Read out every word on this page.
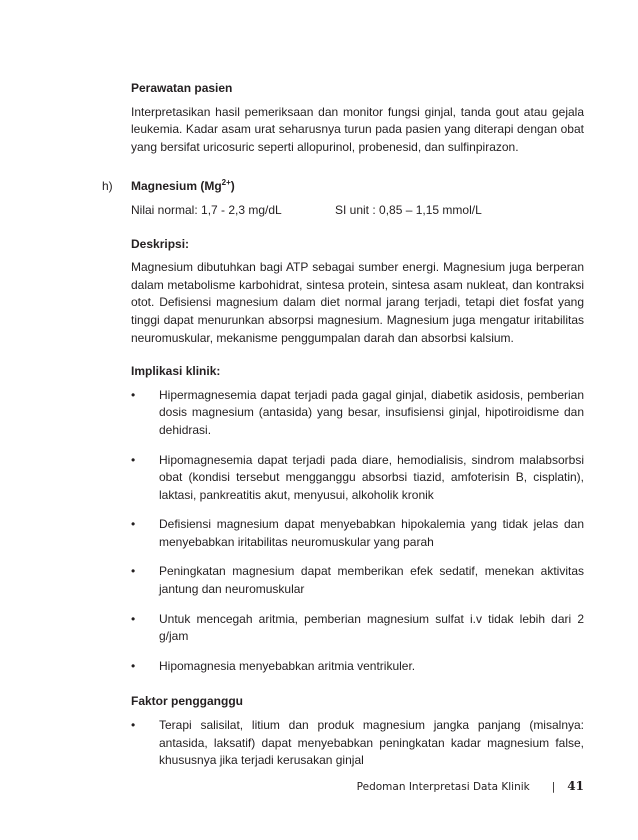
Perawatan pasien

Interpretasikan hasil pemeriksaan dan monitor fungsi ginjal, tanda gout atau gejala leukemia. Kadar asam urat seharusnya turun pada pasien yang diterapi dengan obat yang bersifat uricosuric seperti allopurinol, probenesid, dan sulfinpirazon.

h) Magnesium $(Mg^{2+})$

Nilai normal: 1,7 - 2,3 mg/dL	SI unit : 0,85 – 1,15 mmol/L

Deskripsi:

Magnesium dibutuhkan bagi ATP sebagai sumber energi. Magnesium juga berperan dalam metabolisme karbohidrat, sintesa protein, sintesa asam nukleat, dan kontraksi otot. Defisiensi magnesium dalam diet normal jarang terjadi, tetapi diet fosfat yang tinggi dapat menurunkan absorpsi magnesium. Magnesium juga mengatur iritabilitas neuromuskular, mekanisme penggumpalan darah dan absorbsi kalsium.

Implikasi klinik:

• Hipermagnesemia dapat terjadi pada gagal ginjal, diabetik asidosis, pemberian dosis magnesium (antasida) yang besar, insufisiensi ginjal, hipotiroidisme dan dehidrasi.
• Hipomagnesemia dapat terjadi pada diare, hemodialisis, sindrom malabsorbsi obat (kondisi tersebut mengganggu absorbsi tiazid, amfoterisin B, cisplatin), laktasi, pankreatitis akut, menyusui, alkoholik kronik
• Defisiensi magnesium dapat menyebabkan hipokalemia yang tidak jelas dan menyebabkan iritabilitas neuromuskular yang parah
• Peningkatan magnesium dapat memberikan efek sedatif, menekan aktivitas jantung dan neuromuskular
• Untuk mencegah aritmia, pemberian magnesium sulfat i.v tidak lebih dari 2 g/jam
• Hipomagnesia menyebabkan aritmia ventrikuler.

Faktor pengganggu

• Terapi salisilat, litium dan produk magnesium jangka panjang (misalnya: antasida, laksatif) dapat menyebabkan peningkatan kadar magnesium false, khususnya jika terjadi kerusakan ginjal
Pedoman Interpretasi Data Klinik | 41
